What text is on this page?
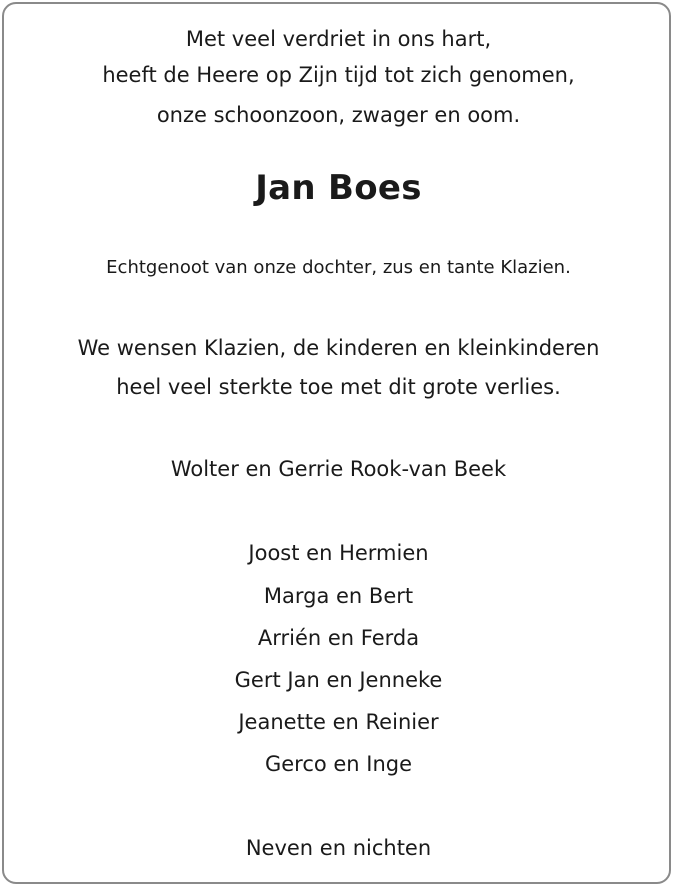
Met veel verdriet in ons hart,
heeft de Heere op Zijn tijd tot zich genomen,
onze schoonzoon, zwager en oom.
Jan Boes
Echtgenoot van onze dochter, zus en tante Klazien.
We wensen Klazien, de kinderen en kleinkinderen
heel veel sterkte toe met dit grote verlies.
Wolter en Gerrie Rook-van Beek
Joost en Hermien
Marga en Bert
Arrién en Ferda
Gert Jan en Jenneke
Jeanette en Reinier
Gerco en Inge
Neven en nichten
